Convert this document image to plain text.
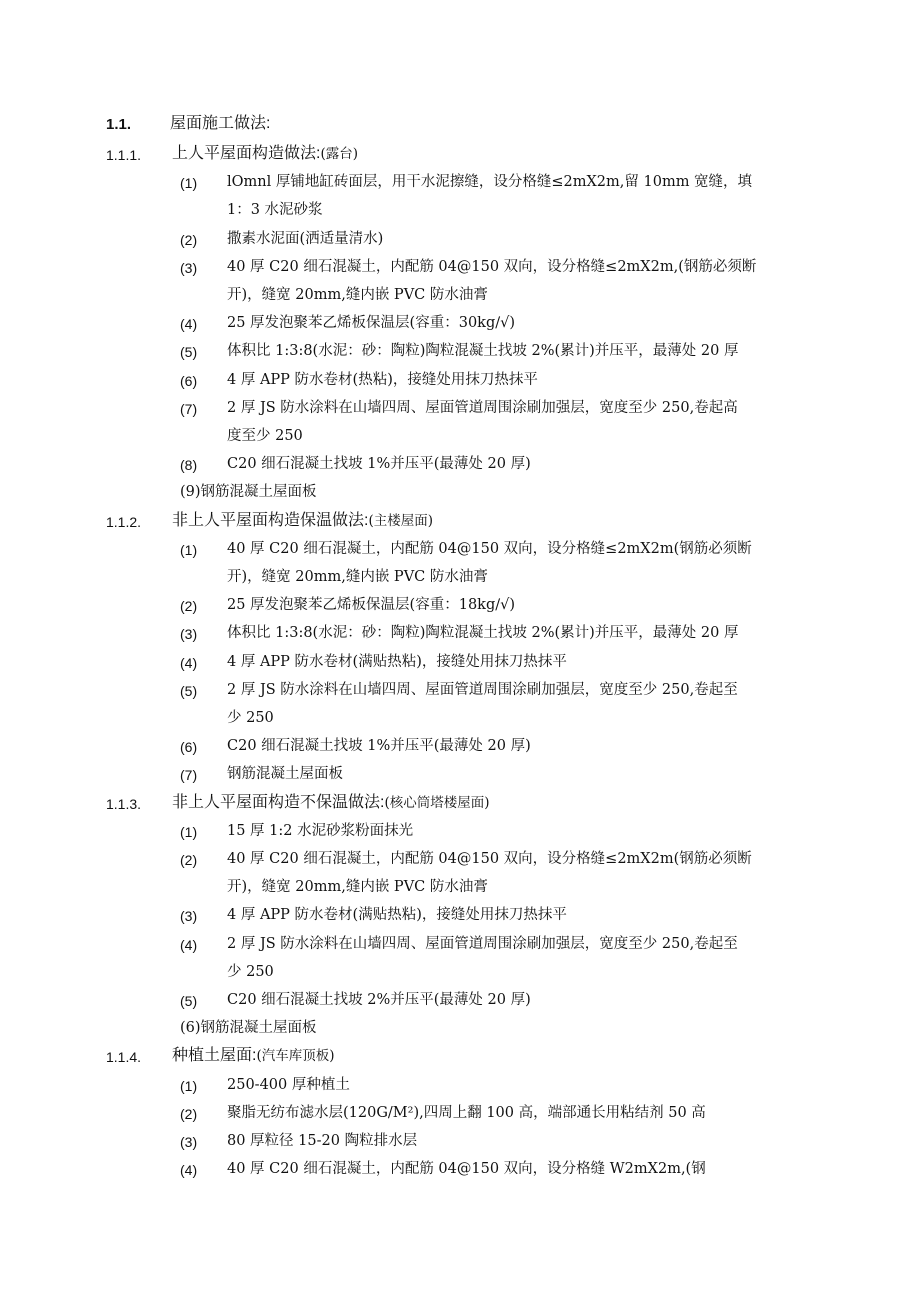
1.1. 屋面施工做法:
1.1.1. 上人平屋面构造做法:(露台)
(1) lOmnl 厚铺地缸砖面层，用干水泥擦缝，设分格缝≤2mX2m,留 10mm 宽缝，填
1：3 水泥砂浆
(2) 撒素水泥面(洒适量清水)
(3) 40 厚 C20 细石混凝土，内配筋 04@150 双向，设分格缝≤2mX2m,(钢筋必须断
开)，缝宽 20mm,缝内嵌 PVC 防水油膏
(4) 25 厚发泡聚苯乙烯板保温层(容重：30kg∕√)
(5) 体积比 1:3:8(水泥：砂：陶粒)陶粒混凝土找坡 2%(累计)并压平，最薄处 20 厚
(6) 4 厚 APP 防水卷材(热粘)，接缝处用抹刀热抹平
(7) 2 厚 JS 防水涂料在山墙四周、屋面管道周围涂刷加强层，宽度至少 250,卷起高
度至少 250
(8) C20 细石混凝土找坡 1%并压平(最薄处 20 厚)
(9)钢筋混凝土屋面板
1.1.2. 非上人平屋面构造保温做法:(主楼屋面)
(1) 40 厚 C20 细石混凝土，内配筋 04@150 双向，设分格缝≤2mX2m(钢筋必须断
开)，缝宽 20mm,缝内嵌 PVC 防水油膏
(2) 25 厚发泡聚苯乙烯板保温层(容重：18kg∕√)
(3) 体积比 1:3:8(水泥：砂：陶粒)陶粒混凝土找坡 2%(累计)并压平，最薄处 20 厚
(4) 4 厚 APP 防水卷材(满贴热粘)，接缝处用抹刀热抹平
(5) 2 厚 JS 防水涂料在山墙四周、屋面管道周围涂刷加强层，宽度至少 250,卷起至
少 250
(6) C20 细石混凝土找坡 1%并压平(最薄处 20 厚)
(7) 钢筋混凝土屋面板
1.1.3. 非上人平屋面构造不保温做法:(核心筒塔楼屋面)
(1) 15 厚 1:2 水泥砂浆粉面抹光
(2) 40 厚 C20 细石混凝土，内配筋 04@150 双向，设分格缝≤2mX2m(钢筋必须断
开)，缝宽 20mm,缝内嵌 PVC 防水油膏
(3) 4 厚 APP 防水卷材(满贴热粘)，接缝处用抹刀热抹平
(4) 2 厚 JS 防水涂料在山墙四周、屋面管道周围涂刷加强层，宽度至少 250,卷起至
少 250
(5) C20 细石混凝土找坡 2%并压平(最薄处 20 厚)
(6)钢筋混凝土屋面板
1.1.4. 种植土屋面:(汽车库顶板)
(1) 250-400 厚种植土
(2) 聚脂无纺布滤水层(120G/M²),四周上翻 100 高，端部通长用粘结剂 50 高
(3) 80 厚粒径 15-20 陶粒排水层
(4) 40 厚 C20 细石混凝土，内配筋 04@150 双向，设分格缝 W2mX2m,(钢
